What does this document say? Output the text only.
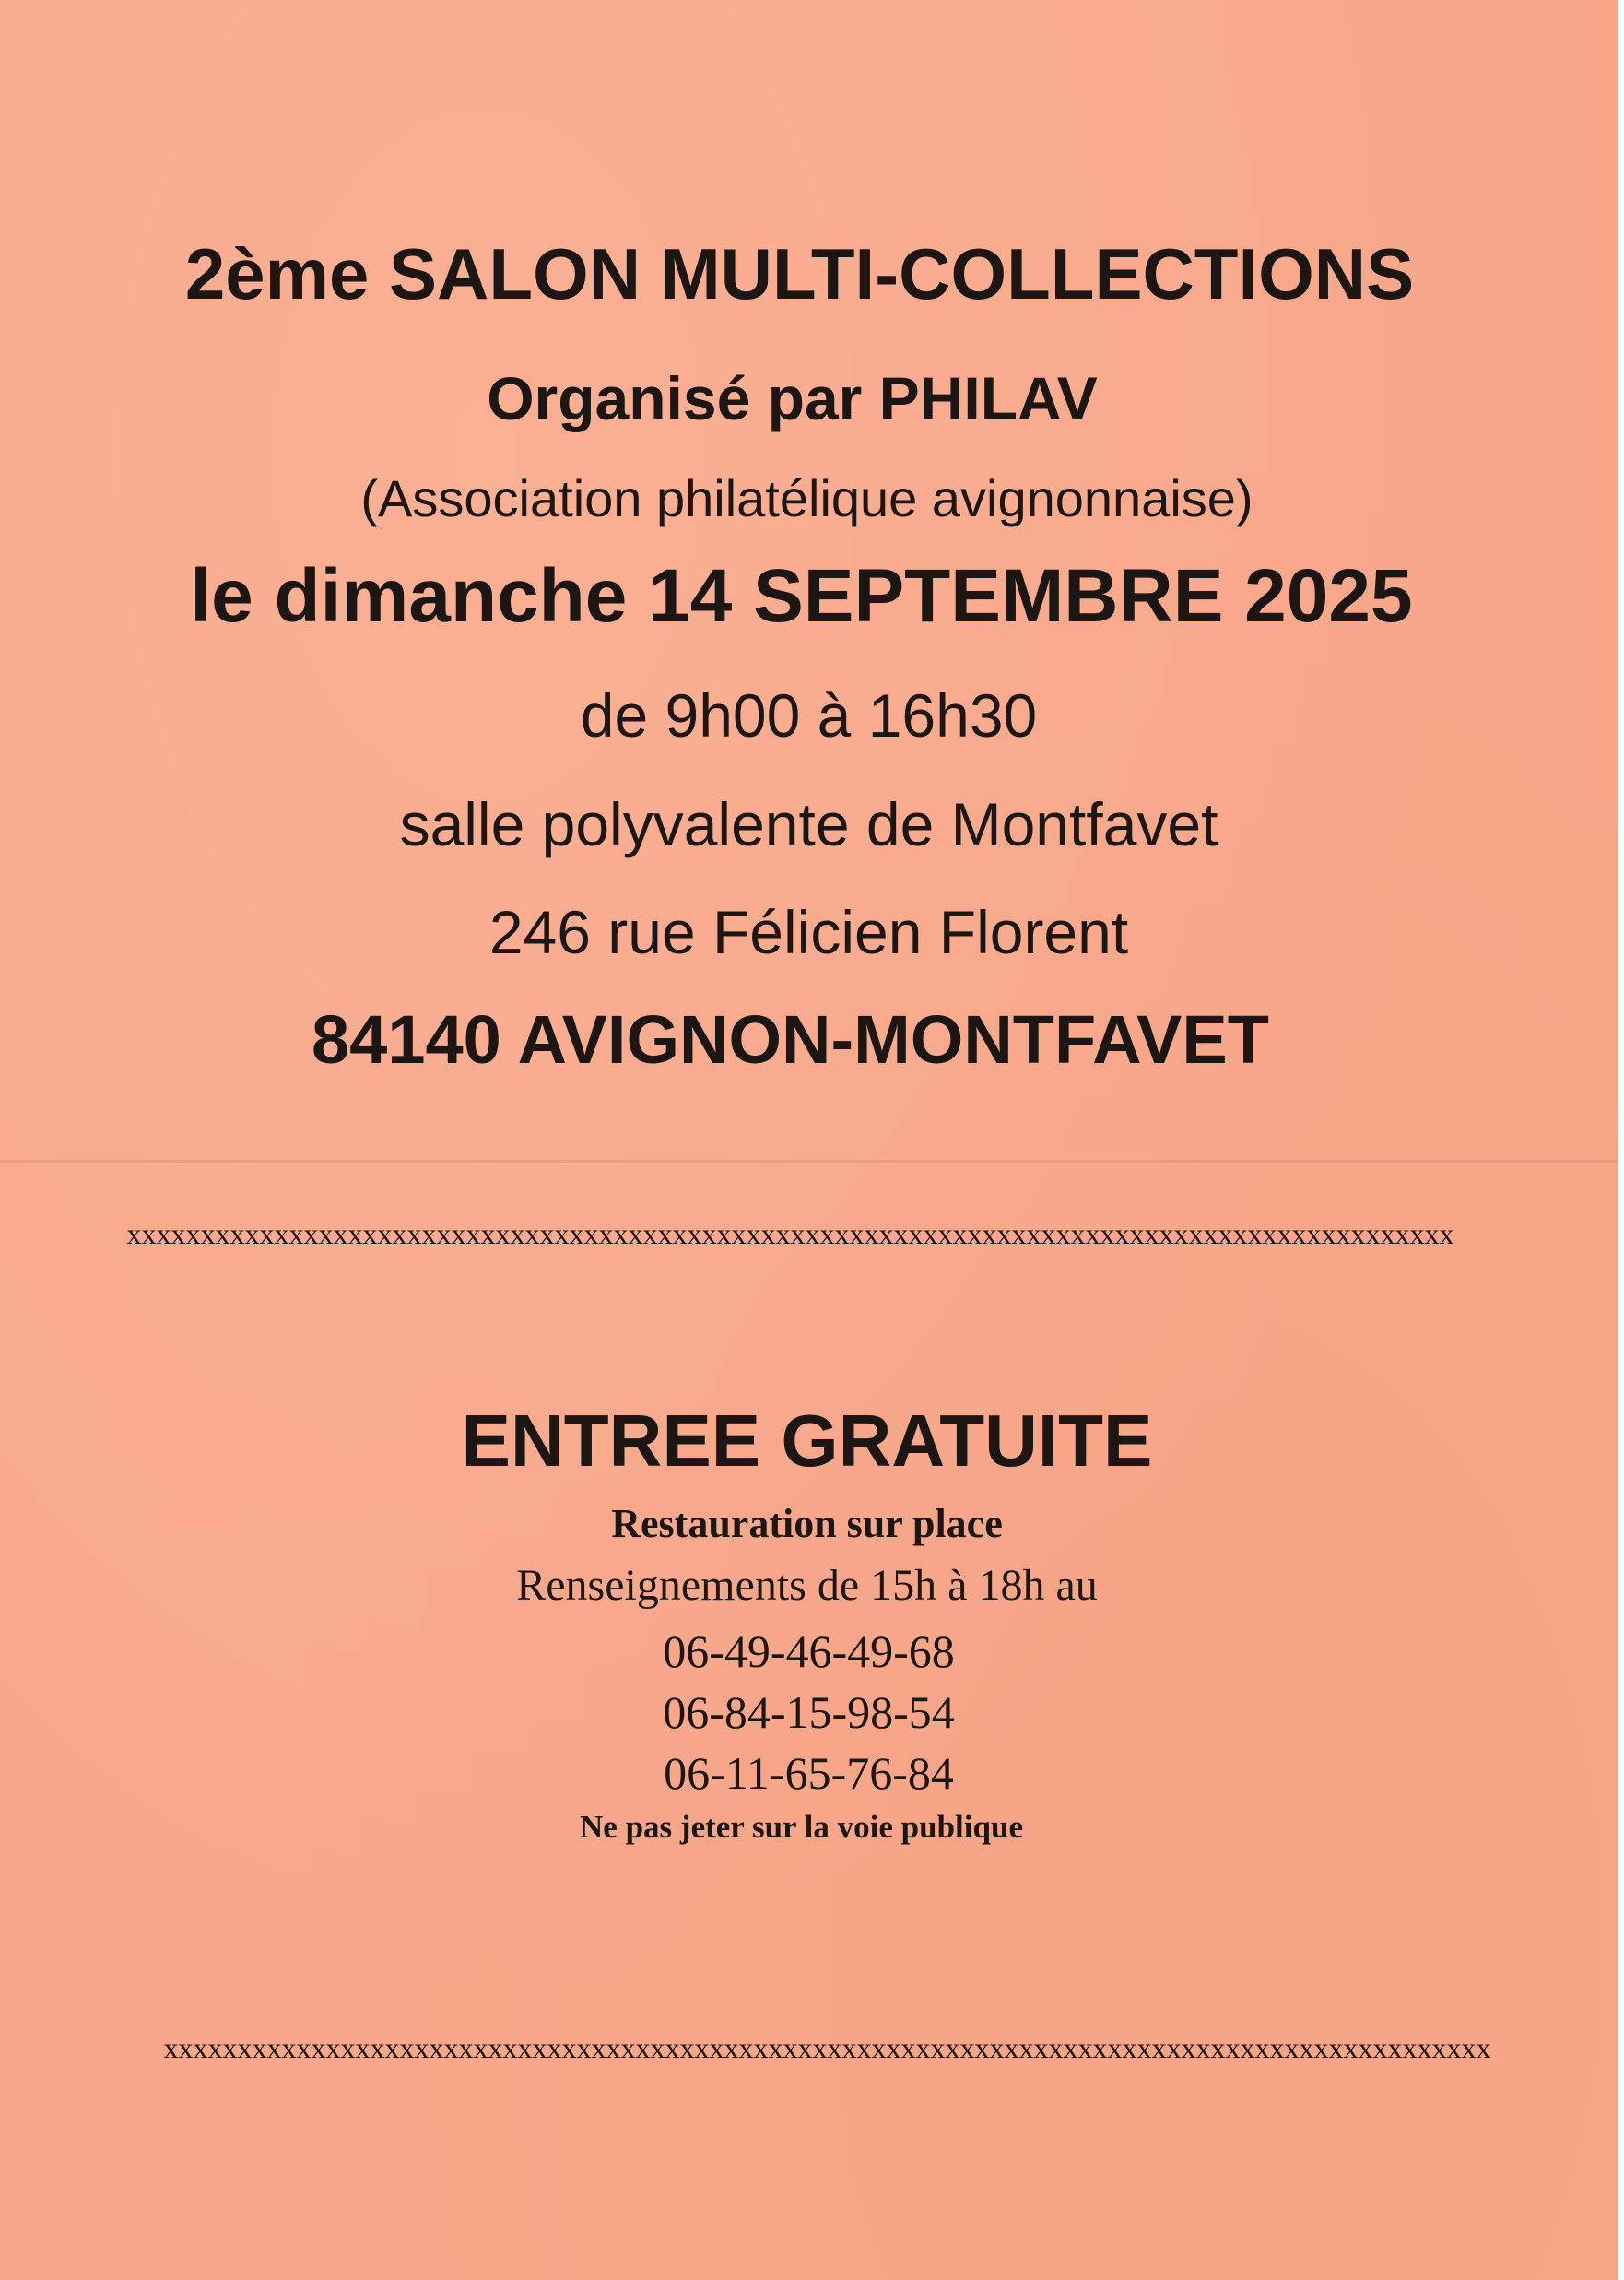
2ème SALON MULTI-COLLECTIONS
Organisé par PHILAV
(Association philatélique avignonnaise)
le dimanche 14 SEPTEMBRE 2025
de 9h00 à 16h30
salle polyvalente de Montfavet
246 rue Félicien Florent
84140 AVIGNON-MONTFAVET
xxxxxxxxxxxxxxxxxxxxxxxxxxxxxxxxxxxxxxxxxxxxxxxxxxxxxxxxxxxxxxxxxxxxxxxxxxxxxxxxxxxxxxxxxx
ENTREE GRATUITE
Restauration sur place
Renseignements de 15h à 18h au
06-49-46-49-68
06-84-15-98-54
06-11-65-76-84
Ne pas jeter sur la voie publique
xxxxxxxxxxxxxxxxxxxxxxxxxxxxxxxxxxxxxxxxxxxxxxxxxxxxxxxxxxxxxxxxxxxxxxxxxxxxxxxxxxxxxxxxxx
